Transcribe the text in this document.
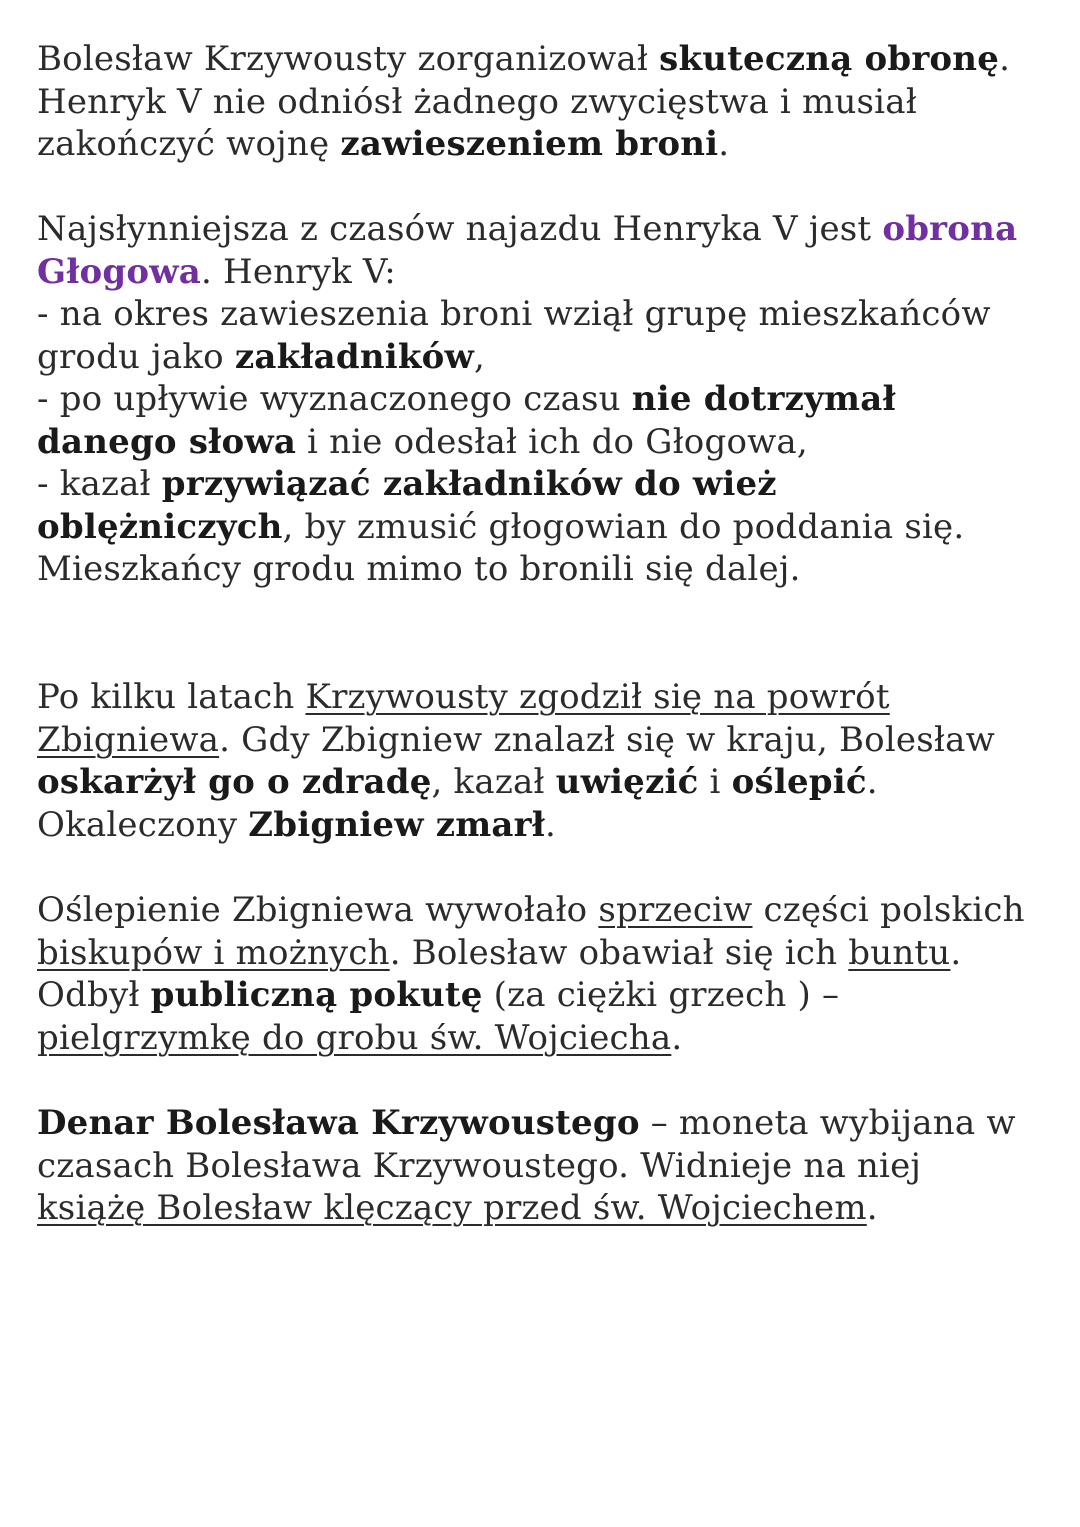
Bolesław Krzywousty zorganizował skuteczną obronę.
Henryk V nie odniósł żadnego zwycięstwa i musiał
zakończyć wojnę zawieszeniem broni.

Najsłynniejsza z czasów najazdu Henryka V jest obrona
Głogowa. Henryk V:
- na okres zawieszenia broni wziął grupę mieszkańców
grodu jako zakładników,
- po upływie wyznaczonego czasu nie dotrzymał
danego słowa i nie odesłał ich do Głogowa,
- kazał przywiązać zakładników do wież
oblężniczych, by zmusić głogowian do poddania się.
Mieszkańcy grodu mimo to bronili się dalej.

Po kilku latach Krzywousty zgodził się na powrót
Zbigniewa. Gdy Zbigniew znalazł się w kraju, Bolesław
oskarżył go o zdradę, kazał uwięzić i oślepić.
Okaleczony Zbigniew zmarł.

Oślepienie Zbigniewa wywołało sprzeciw części polskich
biskupów i możnych. Bolesław obawiał się ich buntu.
Odbył publiczną pokutę (za ciężki grzech ) –
pielgrzymkę do grobu św. Wojciecha.

Denar Bolesława Krzywoustego – moneta wybijana w
czasach Bolesława Krzywoustego. Widnieje na niej
książę Bolesław klęczący przed św. Wojciechem.
